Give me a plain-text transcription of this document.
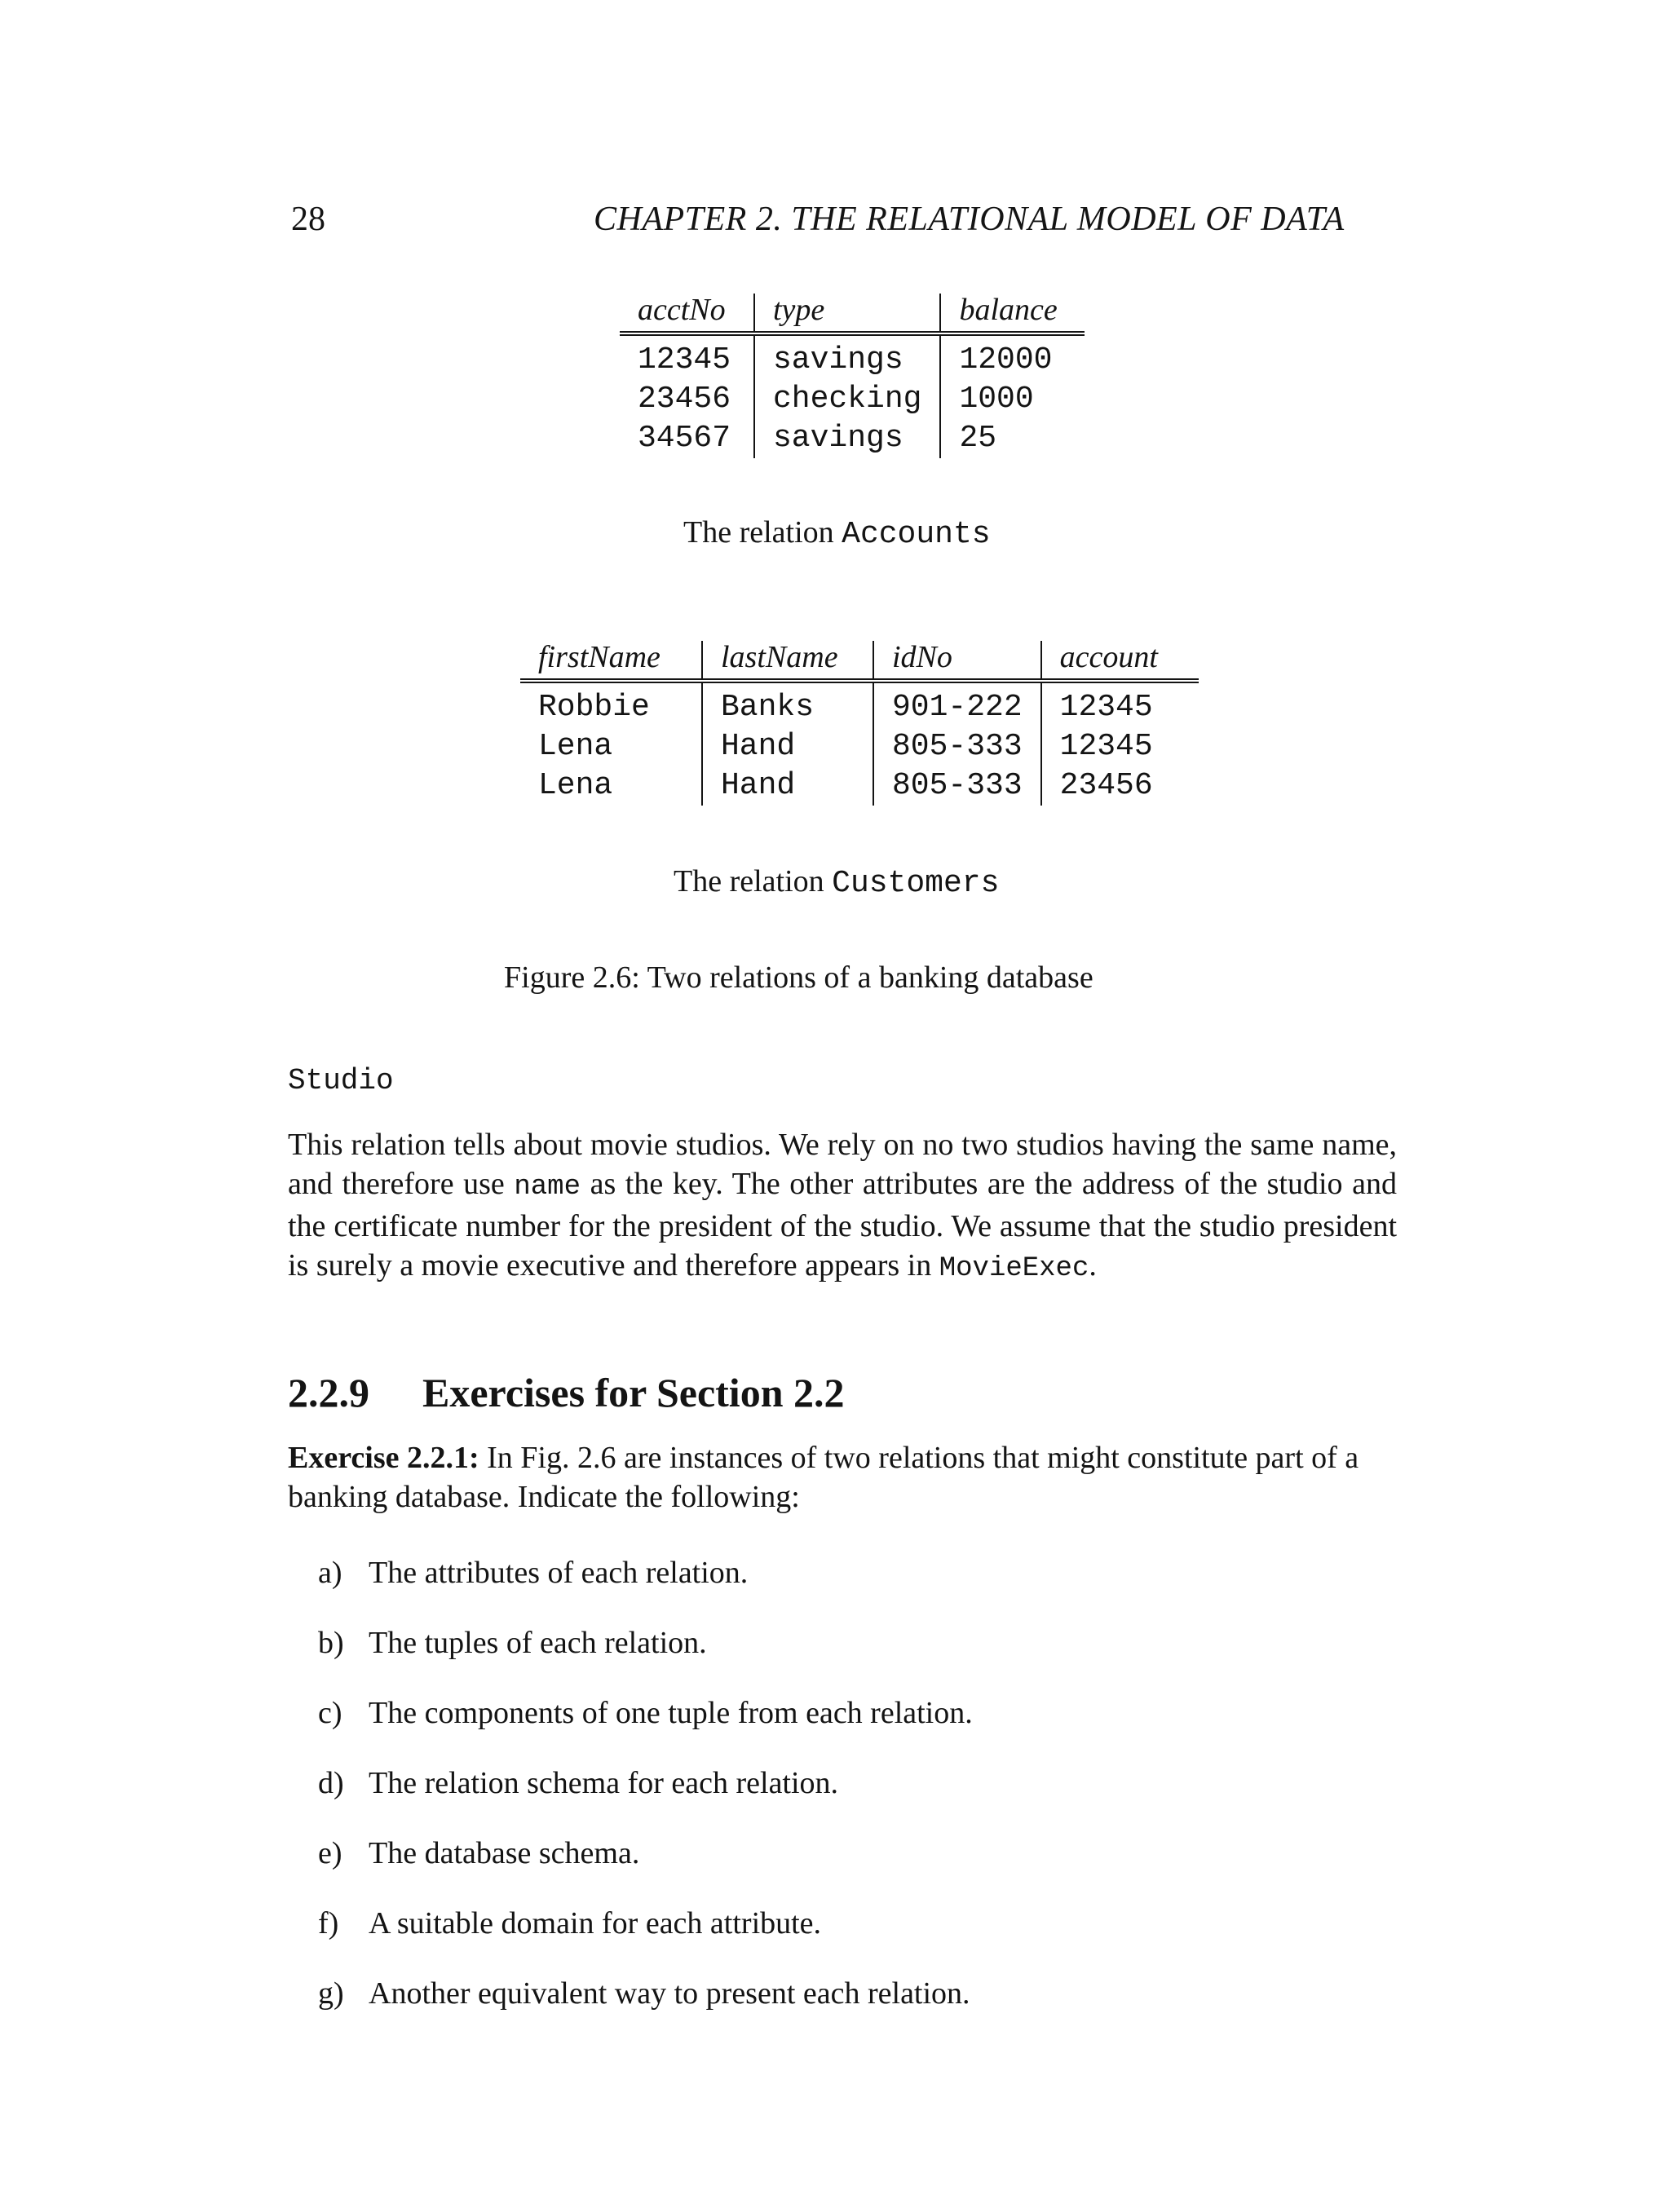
28	CHAPTER 2. THE RELATIONAL MODEL OF DATA
acctNo	type	balance
12345	savings	12000
23456	checking	1000
34567	savings	25
The relation Accounts
firstName	lastName	idNo	account
Robbie	Banks	901-222	12345
Lena	Hand	805-333	12345
Lena	Hand	805-333	23456
The relation Customers
Figure 2.6: Two relations of a banking database
Studio

This relation tells about movie studios. We rely on no two studios having the same name, and therefore use name as the key. The other attributes are the address of the studio and the certificate number for the president of the studio. We assume that the studio president is surely a movie executive and therefore appears in MovieExec.

2.2.9 Exercises for Section 2.2

Exercise 2.2.1: In Fig. 2.6 are instances of two relations that might constitute part of a banking database. Indicate the following:

a) The attributes of each relation.
b) The tuples of each relation.
c) The components of one tuple from each relation.
d) The relation schema for each relation.
e) The database schema.
f) A suitable domain for each attribute.
g) Another equivalent way to present each relation.
